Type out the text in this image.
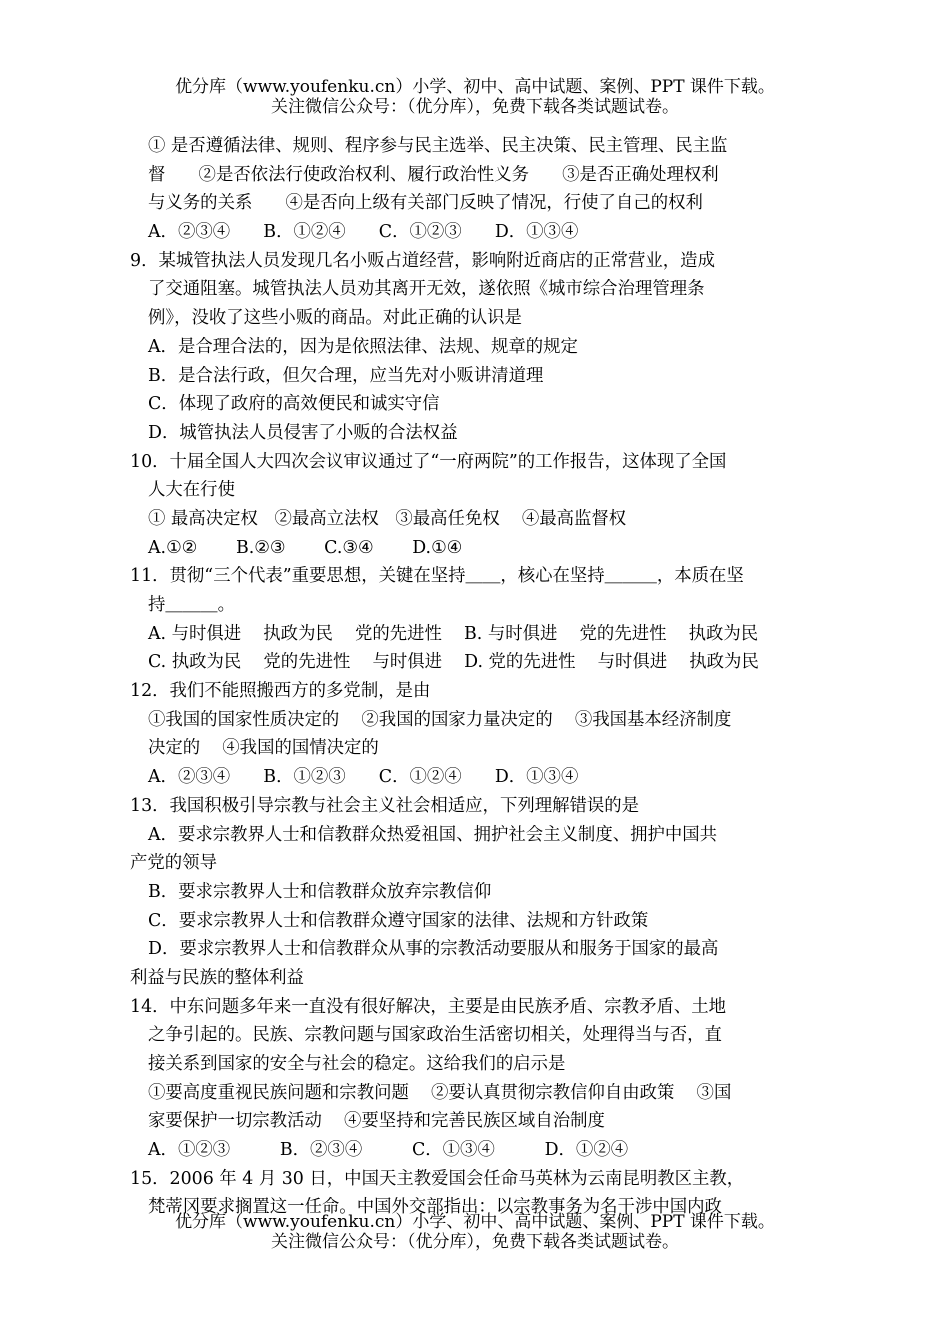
优分库（www.youfenku.cn）小学、初中、高中试题、案例、PPT 课件下载。
关注微信公众号：（优分库），免费下载各类试题试卷。
① 是否遵循法律、规则、程序参与民主选举、民主决策、民主管理、民主监
督      ②是否依法行使政治权利、履行政治性义务      ③是否正确处理权利
与义务的关系      ④是否向上级有关部门反映了情况，行使了自己的权利
A．②③④      B．①②④      C．①②③      D．①③④
9．某城管执法人员发现几名小贩占道经营，影响附近商店的正常营业，造成
了交通阻塞。城管执法人员劝其离开无效，遂依照《城市综合治理管理条
例》，没收了这些小贩的商品。对此正确的认识是
A．是合理合法的，因为是依照法律、法规、规章的规定
B．是合法行政，但欠合理，应当先对小贩讲清道理
C．体现了政府的高效便民和诚实守信
D．城管执法人员侵害了小贩的合法权益
10．十届全国人大四次会议审议通过了“一府两院”的工作报告，这体现了全国
人大在行使
① 最高决定权   ②最高立法权   ③最高任免权    ④最高监督权
A.①②       B.②③       C.③④       D.①④
11．贯彻“三个代表”重要思想，关键在坚持＿＿，核心在坚持＿＿＿，本质在坚
持＿＿＿。
A. 与时俱进    执政为民    党的先进性    B. 与时俱进    党的先进性    执政为民
C. 执政为民    党的先进性    与时俱进    D. 党的先进性    与时俱进    执政为民
12．我们不能照搬西方的多党制，是由
①我国的国家性质决定的    ②我国的国家力量决定的    ③我国基本经济制度
决定的    ④我国的国情决定的
A．②③④      B．①②③      C．①②④      D．①③④
13．我国积极引导宗教与社会主义社会相适应，下列理解错误的是
A．要求宗教界人士和信教群众热爱祖国、拥护社会主义制度、拥护中国共
产党的领导
B．要求宗教界人士和信教群众放弃宗教信仰
C．要求宗教界人士和信教群众遵守国家的法律、法规和方针政策
D．要求宗教界人士和信教群众从事的宗教活动要服从和服务于国家的最高
利益与民族的整体利益
14．中东问题多年来一直没有很好解决，主要是由民族矛盾、宗教矛盾、土地
之争引起的。民族、宗教问题与国家政治生活密切相关，处理得当与否，直
接关系到国家的安全与社会的稳定。这给我们的启示是
①要高度重视民族问题和宗教问题    ②要认真贯彻宗教信仰自由政策    ③国
家要保护一切宗教活动    ④要坚持和完善民族区域自治制度
A．①②③         B．②③④         C．①③④         D．①②④
15．2006 年 4 月 30 日，中国天主教爱国会任命马英林为云南昆明教区主教，
梵蒂冈要求搁置这一任命。中国外交部指出：以宗教事务为名干涉中国内政
优分库（www.youfenku.cn）小学、初中、高中试题、案例、PPT 课件下载。
关注微信公众号：（优分库），免费下载各类试题试卷。
